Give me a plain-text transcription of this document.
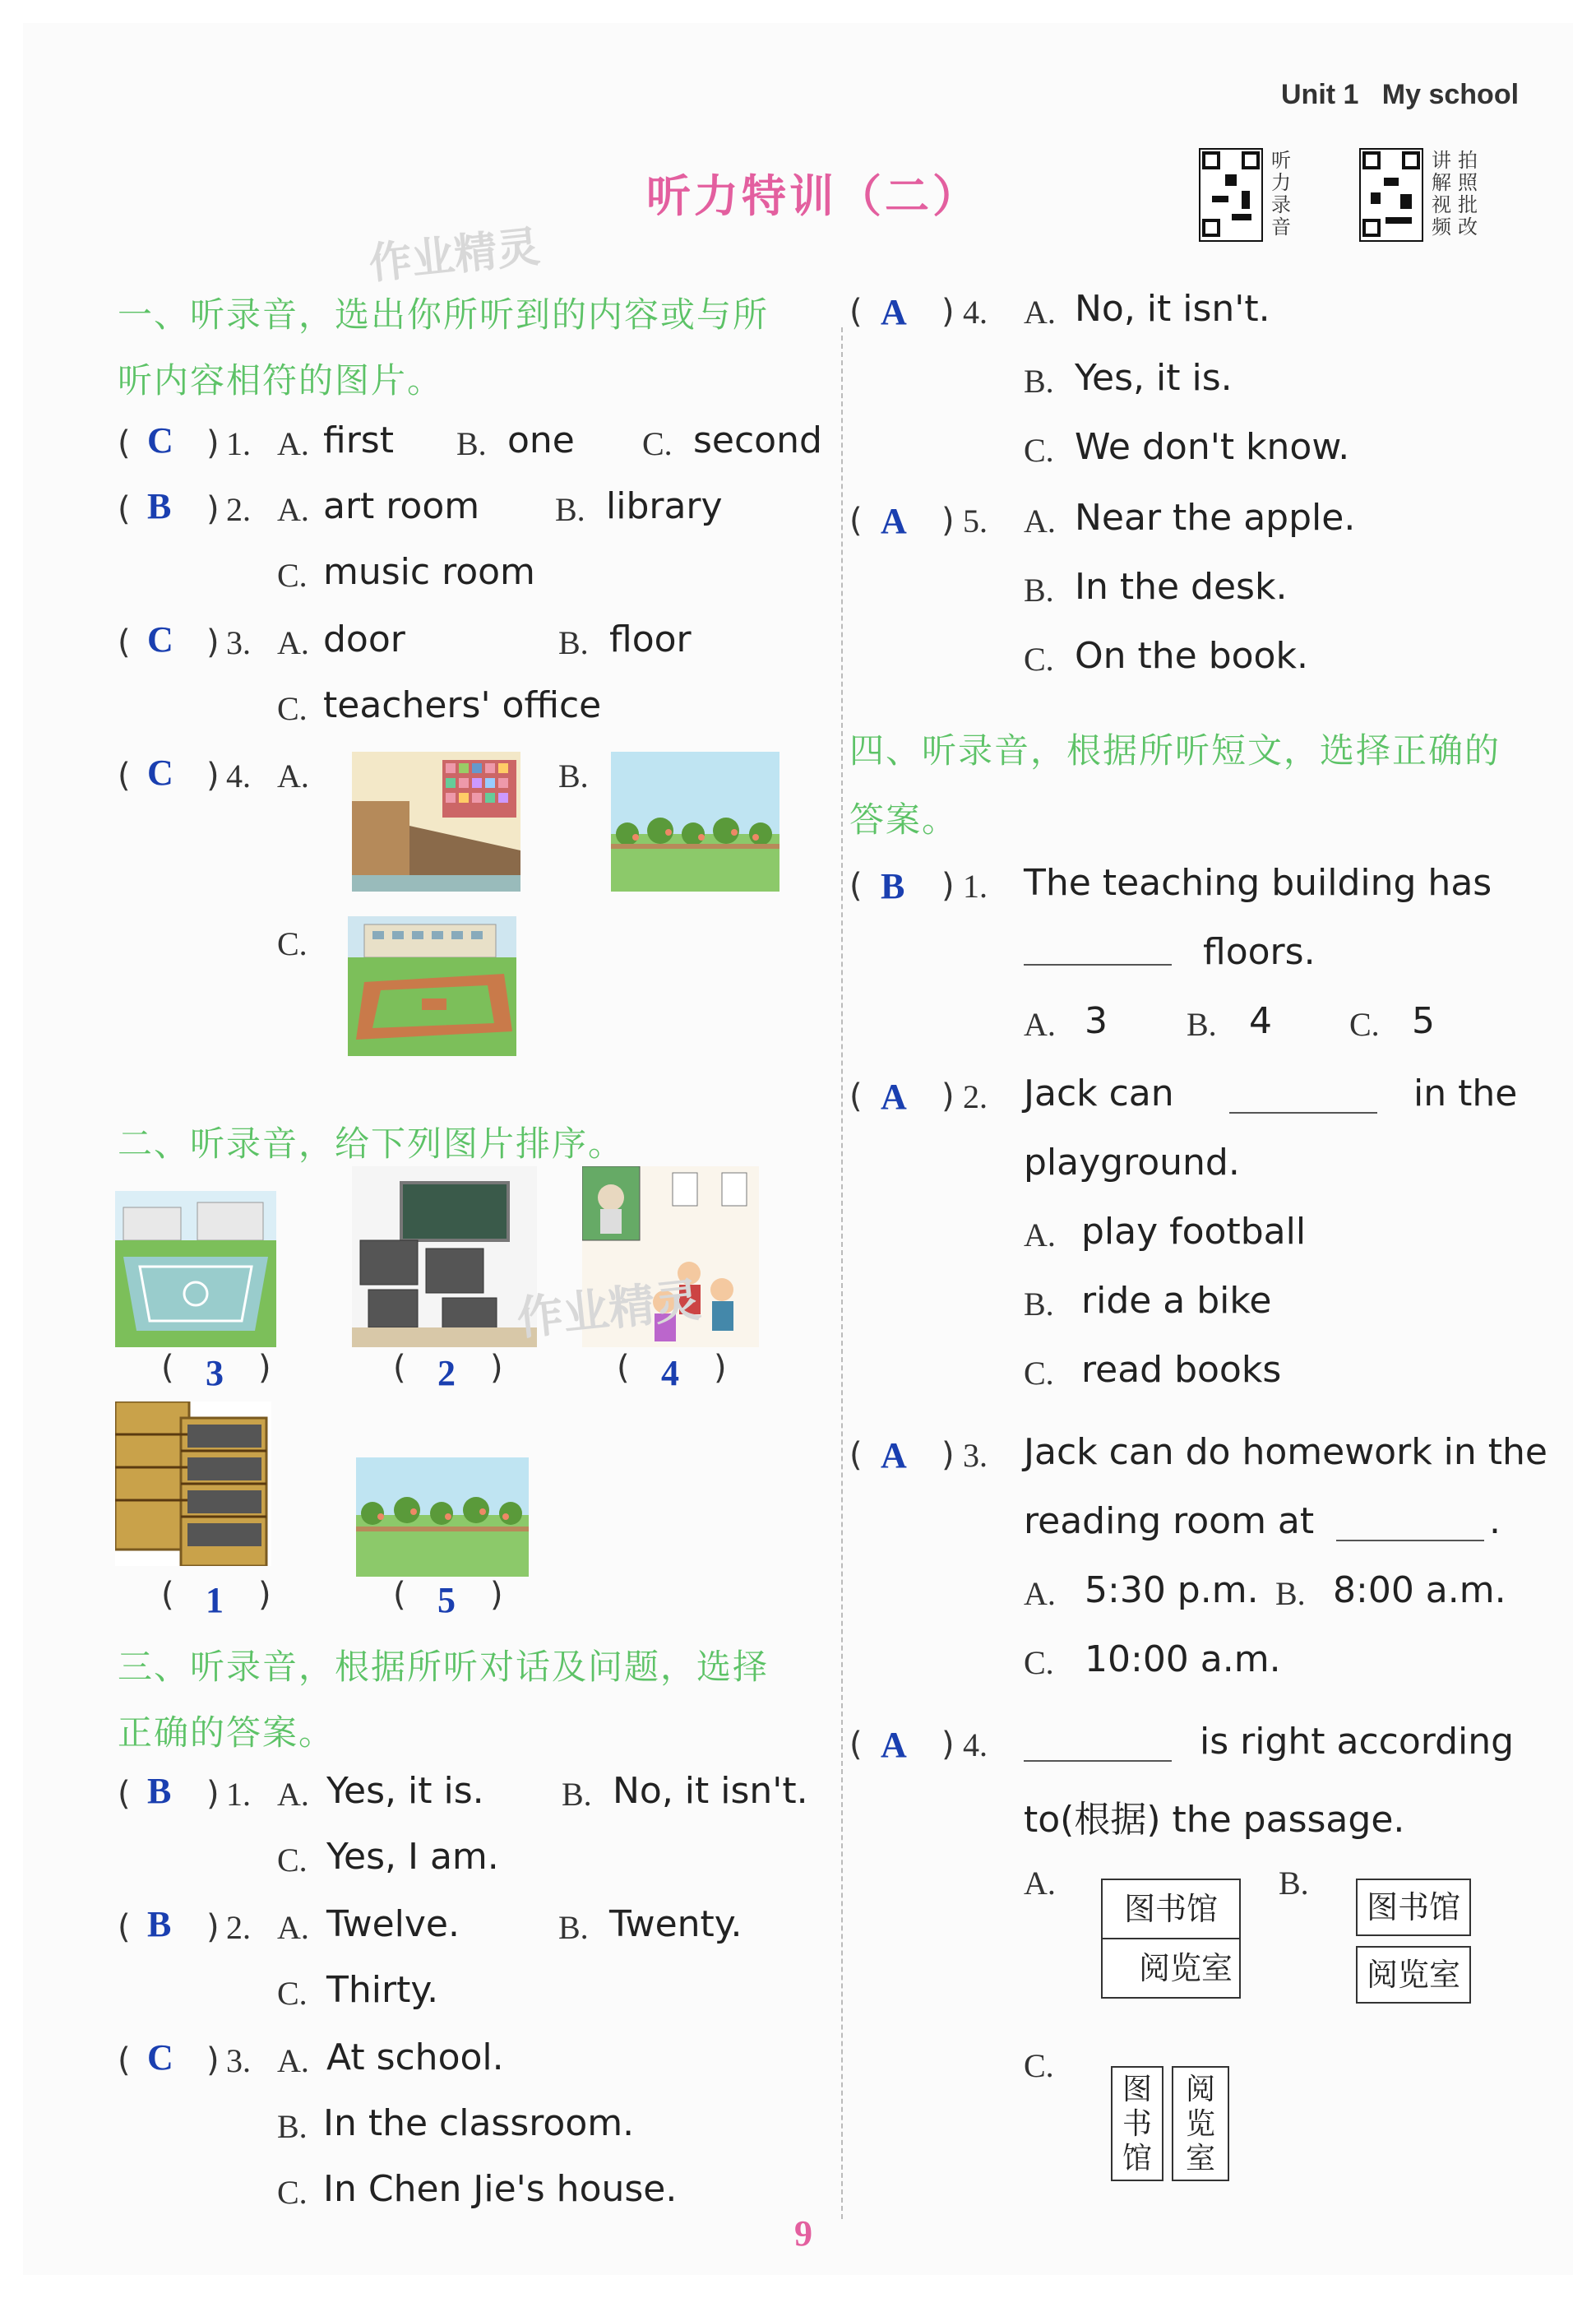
Unit 1 My school
听力录音
讲解视频
拍照批改
听力特训（二）
作业精灵
一、听录音，选出你所听到的内容或与所
听内容相符的图片。
( C ) 1. A. first B. one C. second
( B ) 2. A. art room B. library
C. music room
( C ) 3. A. door	B. floor
C. teachers' office
( C ) 4. A.	B.
C.
二、听录音，给下列图片排序。
作业精灵
( 3 )	( 2 )	( 4 )
( 1 )	( 5 )
三、听录音，根据所听对话及问题，选择
正确的答案。
( B ) 1. A. Yes, it is. B. No, it isn't.
C. Yes, I am.
( B ) 2. A. Twelve.	B. Twenty.
C. Thirty.
( C ) 3. A. At school.
B. In the classroom.
C. In Chen Jie's house.
( A ) 4. A. No, it isn't.
B. Yes, it is.
C. We don't know.
( A ) 5. A. Near the apple.
B. In the desk.
C. On the book.
四、听录音，根据所听短文，选择正确的
答案。
( B ) 1. The teaching building has
floors.
A. 3 B. 4 C. 5
( A ) 2. Jack can	in the
playground.
A. play football
B. ride a bike
C. read books
( A ) 3. Jack can do homework in the
reading room at	.
A. 5:30 p.m. B. 8:00 a.m.
C. 10:00 a.m.
( A ) 4.	is right according
to(根据) the passage.
A.
图书馆
阅览室
B.
图书馆
阅览室
C.
图
书
馆
阅
览
室
9
